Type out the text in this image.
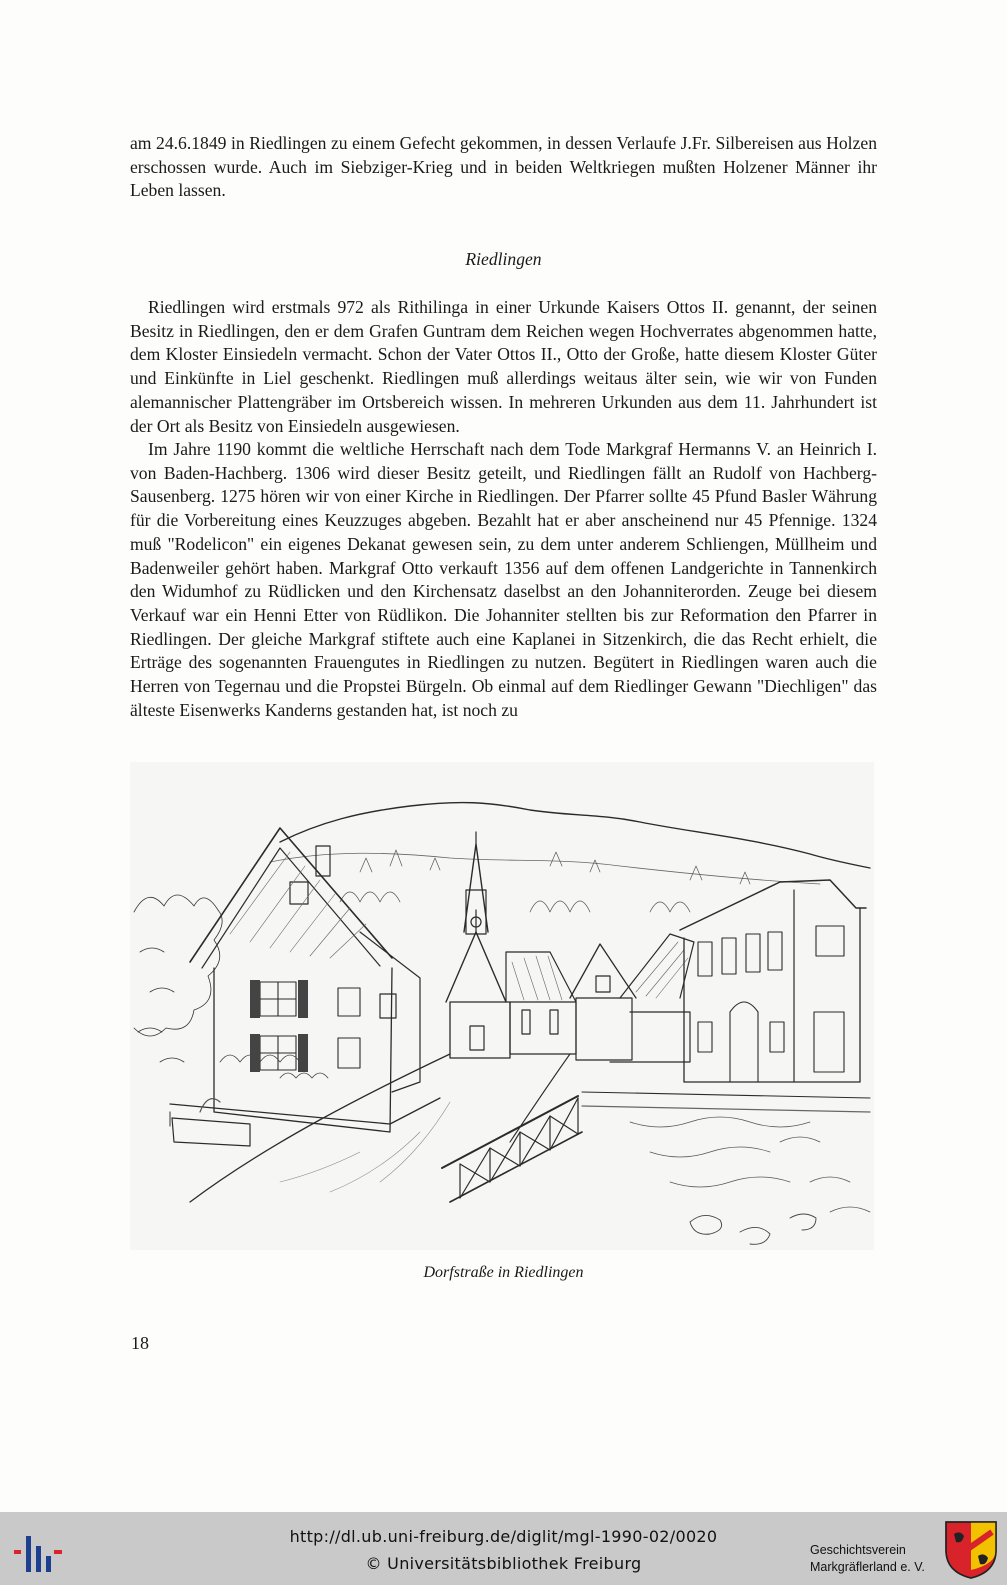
am 24.6.1849 in Riedlingen zu einem Gefecht gekommen, in dessen Verlaufe J.Fr. Silbereisen aus Holzen erschossen wurde. Auch im Siebziger-Krieg und in beiden Weltkriegen mußten Holzener Männer ihr Leben lassen.

Riedlingen

Riedlingen wird erstmals 972 als Rithilinga in einer Urkunde Kaisers Ottos II. genannt, der seinen Besitz in Riedlingen, den er dem Grafen Guntram dem Reichen wegen Hochverrates abgenommen hatte, dem Kloster Einsiedeln vermacht. Schon der Vater Ottos II., Otto der Große, hatte diesem Kloster Güter und Einkünfte in Liel geschenkt. Riedlingen muß allerdings weitaus älter sein, wie wir von Funden alemannischer Plattengräber im Ortsbereich wissen. In mehreren Urkunden aus dem 11. Jahrhundert ist der Ort als Besitz von Einsiedeln ausgewiesen.

Im Jahre 1190 kommt die weltliche Herrschaft nach dem Tode Markgraf Hermanns V. an Heinrich I. von Baden-Hachberg. 1306 wird dieser Besitz geteilt, und Riedlingen fällt an Rudolf von Hachberg-Sausenberg. 1275 hören wir von einer Kirche in Riedlingen. Der Pfarrer sollte 45 Pfund Basler Währung für die Vorbereitung eines Keuzzuges abgeben. Bezahlt hat er aber anscheinend nur 45 Pfennige. 1324 muß "Rodelicon" ein eigenes Dekanat gewesen sein, zu dem unter anderem Schliengen, Müllheim und Badenweiler gehört haben. Markgraf Otto verkauft 1356 auf dem offenen Landgerichte in Tannenkirch den Widumhof zu Rüdlicken und den Kirchensatz daselbst an den Johanniterorden. Zeuge bei diesem Verkauf war ein Henni Etter von Rüdlikon. Die Johanniter stellten bis zur Reformation den Pfarrer in Riedlingen. Der gleiche Markgraf stiftete auch eine Kaplanei in Sitzenkirch, die das Recht erhielt, die Erträge des sogenannten Frauengutes in Riedlingen zu nutzen. Begütert in Riedlingen waren auch die Herren von Tegernau und die Propstei Bürgeln. Ob einmal auf dem Riedlinger Gewann "Diechligen" das älteste Eisenwerks Kanderns gestanden hat, ist noch zu

Dorfstraße in Riedlingen
18
http://dl.ub.uni-freiburg.de/diglit/mgl-1990-02/0020
© Universitätsbibliothek Freiburg
Geschichtsverein
Markgräflerland e. V.
